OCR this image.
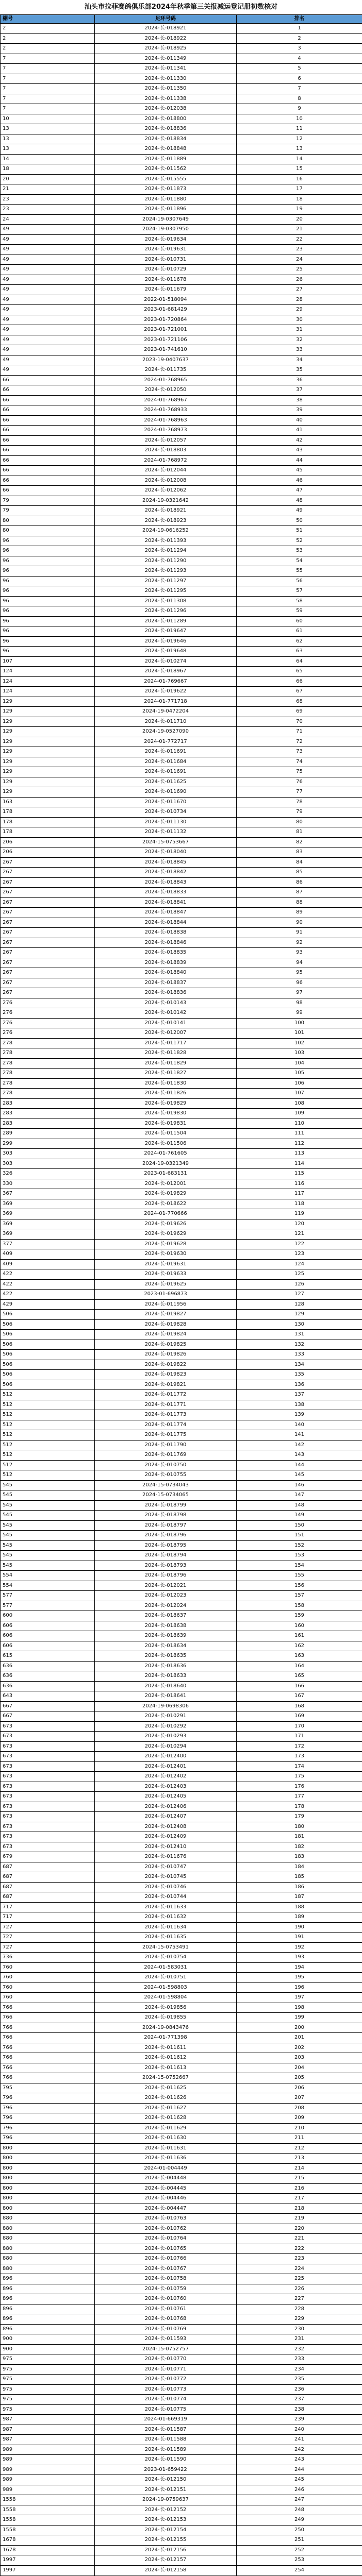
汕头市拉菲赛鸽俱乐部2024年秋季第三关报减运登记册初数核对
棚号	足环号码	排名
2	2024-长-018921	1
2	2024-长-018922	2
2	2024-长-018925	3
7	2024-长-011349	4
7	2024-长-011341	5
7	2024-长-011330	6
7	2024-长-011350	7
7	2024-长-011338	8
7	2024-长-012038	9
10	2024-长-018800	10
13	2024-长-018836	11
13	2024-长-018834	12
13	2024-长-018848	13
14	2024-长-011889	14
18	2024-长-011562	15
20	2024-长-015555	16
21	2024-长-011873	17
23	2024-长-011880	18
23	2024-长-011896	19
24	2024-19-0307649	20
49	2024-19-0307950	21
49	2024-长-019634	22
49	2024-长-019631	23
49	2024-长-010731	24
49	2024-长-010729	25
49	2024-长-011678	26
49	2024-长-011679	27
49	2022-01-518094	28
49	2023-01-681429	29
49	2023-01-720864	30
49	2023-01-721001	31
49	2023-01-721106	32
49	2023-01-741610	33
49	2023-19-0407637	34
49	2024-长-011735	35
66	2024-01-768965	36
66	2024-长-012050	37
66	2024-01-768967	38
66	2024-01-768933	39
66	2024-01-768963	40
66	2024-01-768973	41
66	2024-长-012057	42
66	2024-长-018803	43
66	2024-01-768972	44
66	2024-长-012044	45
66	2024-长-012008	46
66	2024-长-012062	47
79	2024-19-0321642	48
79	2024-长-018921	49
80	2024-长-018923	50
80	2024-19-0616252	51
96	2024-长-011393	52
96	2024-长-011294	53
96	2024-长-011290	54
96	2024-长-011293	55
96	2024-长-011297	56
96	2024-长-011295	57
96	2024-长-011308	58
96	2024-长-011296	59
96	2024-长-011289	60
96	2024-长-019647	61
96	2024-长-019646	62
96	2024-长-019648	63
107	2024-长-010274	64
124	2024-长-018967	65
124	2024-01-769667	66
124	2024-长-019622	67
129	2024-01-771718	68
129	2024-19-0472204	69
129	2024-长-011710	70
129	2024-19-0527090	71
129	2024-01-772717	72
129	2024-长-011691	73
129	2024-长-011684	74
129	2024-长-011691	75
129	2024-长-011625	76
129	2024-长-011690	77
163	2024-长-011670	78
178	2024-长-010734	79
178	2024-长-011130	80
178	2024-长-011132	81
206	2024-15-0753667	82
206	2024-长-018040	83
267	2024-长-018845	84
267	2024-长-018842	85
267	2024-长-018843	86
267	2024-长-018833	87
267	2024-长-018841	88
267	2024-长-018847	89
267	2024-长-018844	90
267	2024-长-018838	91
267	2024-长-018846	92
267	2024-长-018835	93
267	2024-长-018839	94
267	2024-长-018840	95
267	2024-长-018837	96
267	2024-长-018836	97
276	2024-长-010143	98
276	2024-长-010142	99
276	2024-长-010141	100
276	2024-长-012007	101
278	2024-长-011717	102
278	2024-长-011828	103
278	2024-长-011829	104
278	2024-长-011827	105
278	2024-长-011830	106
278	2024-长-011826	107
283	2024-长-019829	108
283	2024-长-019830	109
283	2024-长-019831	110
289	2024-长-011504	111
299	2024-长-011506	112
303	2024-01-761605	113
303	2024-19-0321349	114
326	2023-01-683131	115
330	2024-长-012001	116
367	2024-长-019829	117
369	2024-长-018622	118
369	2024-01-770666	119
369	2024-长-019626	120
369	2024-长-019629	121
377	2024-长-019628	122
409	2024-长-019630	123
409	2024-长-019631	124
422	2024-长-019633	125
422	2024-长-019625	126
422	2023-01-696873	127
429	2024-长-011956	128
506	2024-长-019827	129
506	2024-长-019828	130
506	2024-长-019824	131
506	2024-长-019825	132
506	2024-长-019826	133
506	2024-长-019822	134
506	2024-长-019823	135
506	2024-长-019821	136
512	2024-长-011772	137
512	2024-长-011771	138
512	2024-长-011773	139
512	2024-长-011774	140
512	2024-长-011775	141
512	2024-长-011790	142
512	2024-长-011769	143
512	2024-长-010750	144
512	2024-长-010755	145
545	2024-15-0734043	146
545	2024-15-0734065	147
545	2024-长-018799	148
545	2024-长-018798	149
545	2024-长-018797	150
545	2024-长-018796	151
545	2024-长-018795	152
545	2024-长-018794	153
545	2024-长-018793	154
554	2024-长-018796	155
554	2024-长-012021	156
577	2024-长-012023	157
577	2024-长-012024	158
600	2024-长-018637	159
606	2024-长-018638	160
606	2024-长-018639	161
606	2024-长-018634	162
615	2024-长-018635	163
636	2024-长-018636	164
636	2024-长-018633	165
636	2024-长-018640	166
643	2024-长-018641	167
667	2024-19-0698306	168
667	2024-长-010291	169
673	2024-长-010292	170
673	2024-长-010293	171
673	2024-长-010294	172
673	2024-长-012400	173
673	2024-长-012401	174
673	2024-长-012402	175
673	2024-长-012403	176
673	2024-长-012405	177
673	2024-长-012406	178
673	2024-长-012407	179
673	2024-长-012408	180
673	2024-长-012409	181
673	2024-长-012410	182
679	2024-长-011676	183
687	2024-长-010747	184
687	2024-长-010745	185
687	2024-长-010746	186
687	2024-长-010744	187
717	2024-长-011633	188
717	2024-长-011632	189
727	2024-长-011634	190
727	2024-长-011635	191
727	2024-15-0753491	192
736	2024-长-010754	193
760	2024-01-583031	194
760	2024-长-010751	195
760	2024-01-598803	196
760	2024-01-598804	197
766	2024-长-019856	198
766	2024-长-019855	199
766	2024-19-0843476	200
766	2024-01-771398	201
766	2024-长-011611	202
766	2024-长-011612	203
766	2024-长-011613	204
766	2024-15-0752667	205
795	2024-长-011625	206
796	2024-长-011626	207
796	2024-长-011627	208
796	2024-长-011628	209
796	2024-长-011629	210
796	2024-长-011630	211
800	2024-长-011631	212
800	2024-长-011636	213
800	2024-01-004449	214
800	2024-长-004448	215
800	2024-长-004445	216
800	2024-长-004446	217
800	2024-长-004447	218
880	2024-长-010763	219
880	2024-长-010762	220
880	2024-长-010764	221
880	2024-长-010765	222
880	2024-长-010766	223
880	2024-长-010767	224
896	2024-长-010758	225
896	2024-长-010759	226
896	2024-长-010760	227
896	2024-长-010761	228
896	2024-长-010768	229
896	2024-长-010769	230
900	2024-长-011593	231
900	2024-15-0752757	232
975	2024-长-010770	233
975	2024-长-010771	234
975	2024-长-010772	235
975	2024-长-010773	236
975	2024-长-010774	237
975	2024-长-010775	238
987	2024-01-669319	239
987	2024-长-011587	240
987	2024-长-011588	241
989	2024-长-011589	242
989	2024-长-011590	243
989	2023-01-659422	244
989	2024-长-012150	245
989	2024-长-012151	246
1558	2024-19-0759637	247
1558	2024-长-012152	248
1558	2024-长-012153	249
1558	2024-长-012154	250
1678	2024-长-012155	251
1678	2024-长-012156	252
1997	2024-长-012157	253
1997	2024-长-012158	254
